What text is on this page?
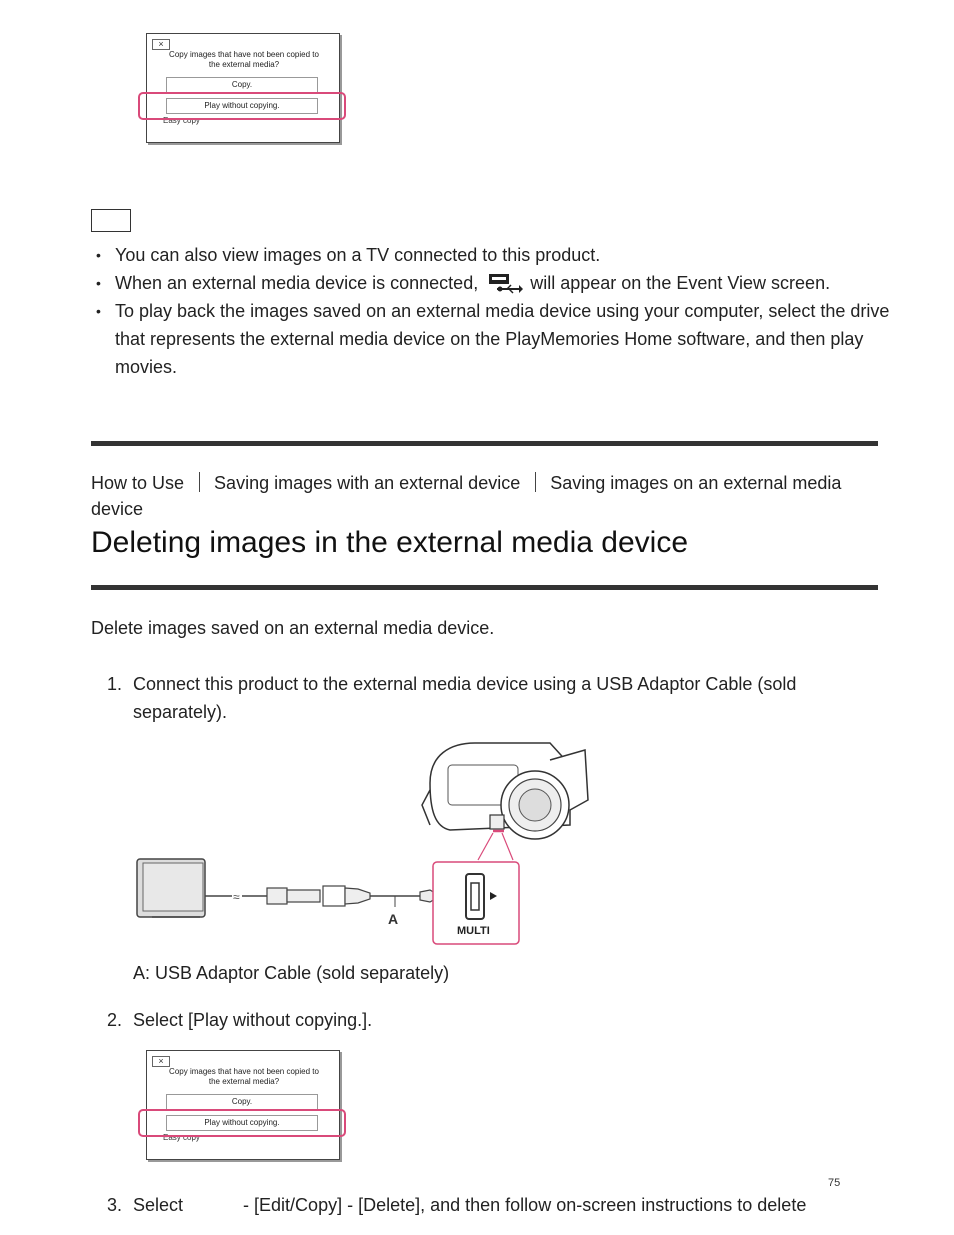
×
Copy images that have not been copied to the external media?
Copy.
Play without copying.
Easy copy
• You can also view images on a TV connected to this product.
• When an external media device is connected,	will appear on the Event View screen.
• To play back the images saved on an external media device using your computer, select the drive that represents the external media device on the PlayMemories Home software, and then play movies.
How to Use Saving images with an external device Saving images on an external media device
Deleting images in the external media device
Delete images saved on an external media device.
1. Connect this product to the external media device using a USB Adaptor Cable (sold separately).
≈
A
MULTI
A: USB Adaptor Cable (sold separately)
2. Select [Play without copying.].
×
Copy images that have not been copied to the external media?
Copy.
Play without copying.
Easy copy
75
3. Select            - [Edit/Copy] - [Delete], and then follow on-screen instructions to delete
